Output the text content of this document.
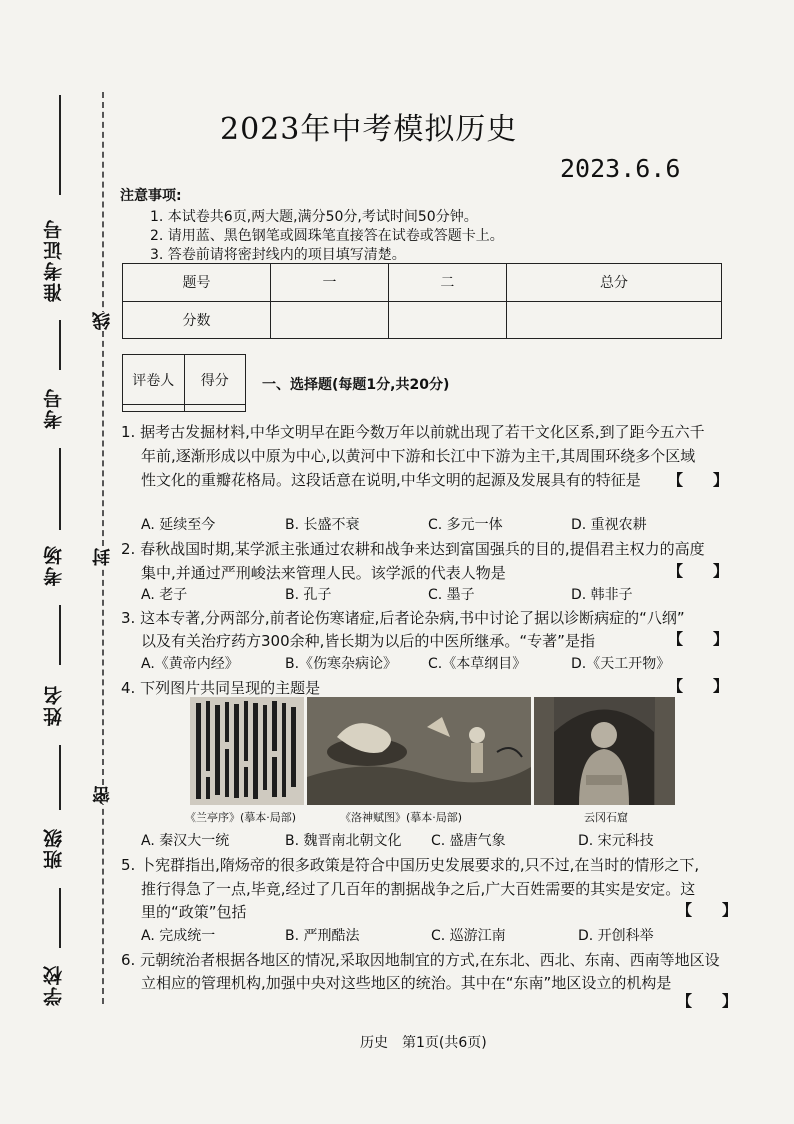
准考证号
考号
考场
姓名
班级
学校
线
封
密
2023年中考模拟历史
2023.6.6
注意事项:
1. 本试卷共6页,两大题,满分50分,考试时间50分钟。
2. 请用蓝、黑色钢笔或圆珠笔直接答在试卷或答题卡上。
3. 答卷前请将密封线内的项目填写清楚。
题号	一	二	总分
分数			
评卷人	得分
	一、选择题(每题1分,共20分)
1. 据考古发掘材料,中华文明早在距今数万年以前就出现了若干文化区系,到了距今五六千
年前,逐渐形成以中原为中心,以黄河中下游和长江中下游为主干,其周围环绕多个区域
性文化的重瓣花格局。这段话意在说明,中华文明的起源及发展具有的特征是 【　　】
A. 延续至今	B. 长盛不衰	C. 多元一体	D. 重视农耕
2. 春秋战国时期,某学派主张通过农耕和战争来达到富国强兵的目的,提倡君主权力的高度
集中,并通过严刑峻法来管理人民。该学派的代表人物是	【　　】
A. 老子	B. 孔子	C. 墨子	D. 韩非子
3. 这本专著,分两部分,前者论伤寒诸症,后者论杂病,书中讨论了据以诊断病症的“八纲”
以及有关治疗药方300余种,皆长期为以后的中医所继承。“专著”是指	【　　】
A.《黄帝内经》	B.《伤寒杂病论》 C.《本草纲目》	D.《天工开物》
4. 下列图片共同呈现的主题是	【　　】
《兰亭序》(摹本·局部)	《洛神赋图》(摹本·局部)	云冈石窟
A. 秦汉大一统	B. 魏晋南北朝文化 C. 盛唐气象	D. 宋元科技
5. 卜宪群指出,隋炀帝的很多政策是符合中国历史发展要求的,只不过,在当时的情形之下,
推行得急了一点,毕竟,经过了几百年的割据战争之后,广大百姓需要的其实是安定。这
里的“政策”包括	【　　】
A. 完成统一	B. 严刑酷法	C. 巡游江南	D. 开创科举
6. 元朝统治者根据各地区的情况,采取因地制宜的方式,在东北、西北、东南、西南等地区设
立相应的管理机构,加强中央对这些地区的统治。其中在“东南”地区设立的机构是
【　　】
历史　第1页(共6页)
